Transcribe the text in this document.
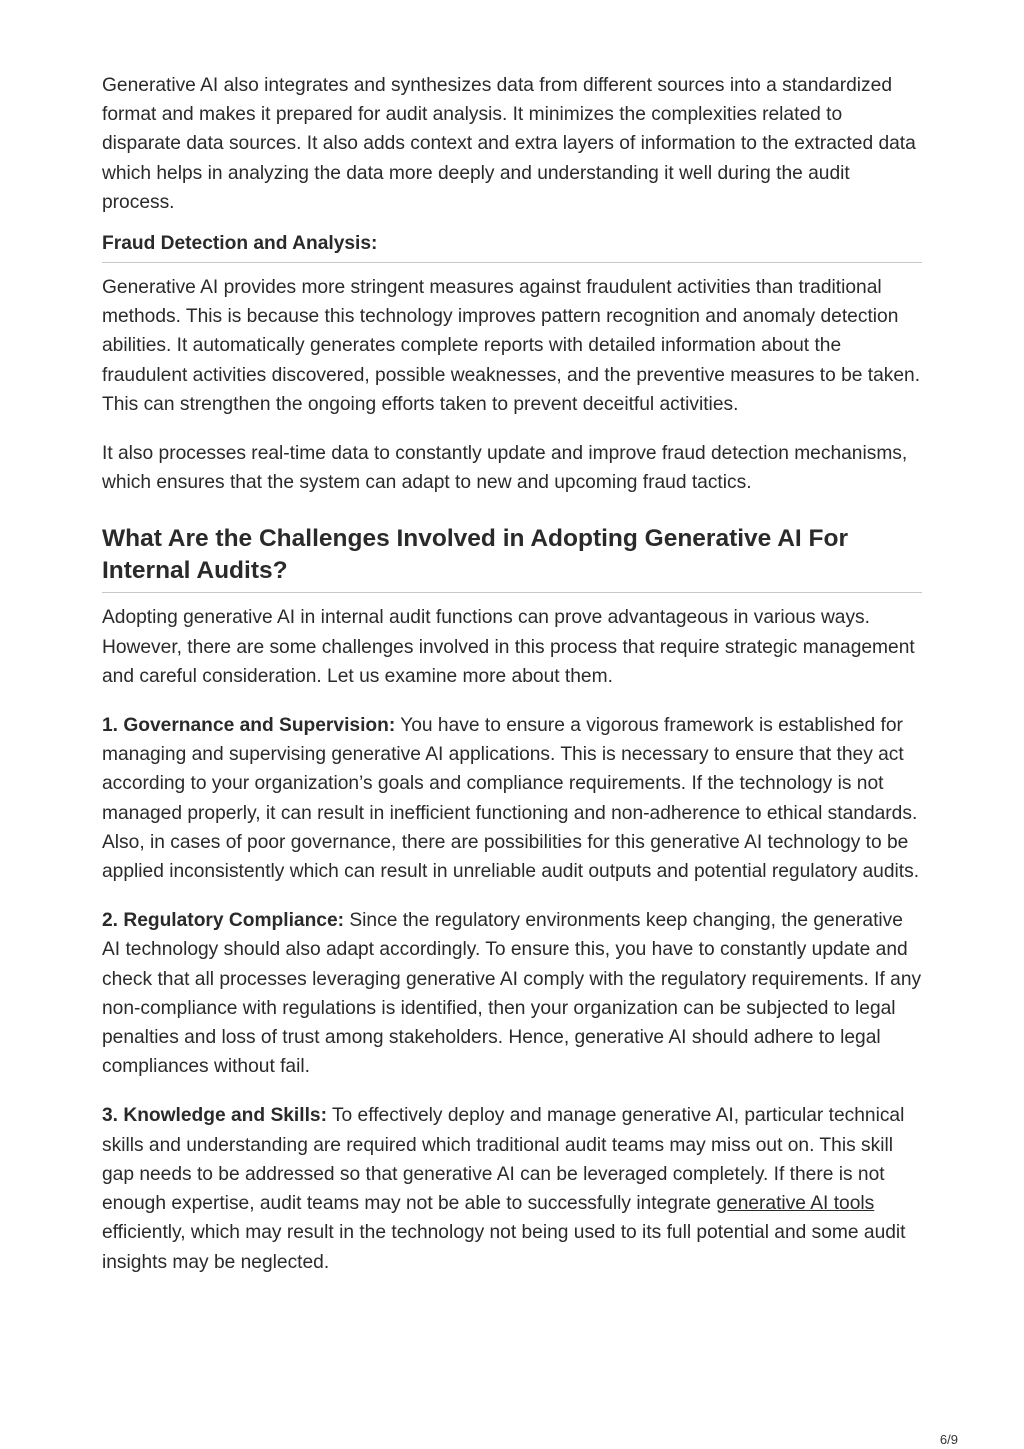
Generative AI also integrates and synthesizes data from different sources into a standardized format and makes it prepared for audit analysis. It minimizes the complexities related to disparate data sources. It also adds context and extra layers of information to the extracted data which helps in analyzing the data more deeply and understanding it well during the audit process.

Fraud Detection and Analysis:

Generative AI provides more stringent measures against fraudulent activities than traditional methods. This is because this technology improves pattern recognition and anomaly detection abilities. It automatically generates complete reports with detailed information about the fraudulent activities discovered, possible weaknesses, and the preventive measures to be taken. This can strengthen the ongoing efforts taken to prevent deceitful activities.

It also processes real-time data to constantly update and improve fraud detection mechanisms, which ensures that the system can adapt to new and upcoming fraud tactics.

What Are the Challenges Involved in Adopting Generative AI For Internal Audits?

Adopting generative AI in internal audit functions can prove advantageous in various ways. However, there are some challenges involved in this process that require strategic management and careful consideration. Let us examine more about them.

1. Governance and Supervision: You have to ensure a vigorous framework is established for managing and supervising generative AI applications. This is necessary to ensure that they act according to your organization’s goals and compliance requirements. If the technology is not managed properly, it can result in inefficient functioning and non-adherence to ethical standards. Also, in cases of poor governance, there are possibilities for this generative AI technology to be applied inconsistently which can result in unreliable audit outputs and potential regulatory audits.

2. Regulatory Compliance: Since the regulatory environments keep changing, the generative AI technology should also adapt accordingly. To ensure this, you have to constantly update and check that all processes leveraging generative AI comply with the regulatory requirements. If any non-compliance with regulations is identified, then your organization can be subjected to legal penalties and loss of trust among stakeholders. Hence, generative AI should adhere to legal compliances without fail.

3. Knowledge and Skills: To effectively deploy and manage generative AI, particular technical skills and understanding are required which traditional audit teams may miss out on. This skill gap needs to be addressed so that generative AI can be leveraged completely. If there is not enough expertise, audit teams may not be able to successfully integrate generative AI tools efficiently, which may result in the technology not being used to its full potential and some audit insights may be neglected.

6/9
